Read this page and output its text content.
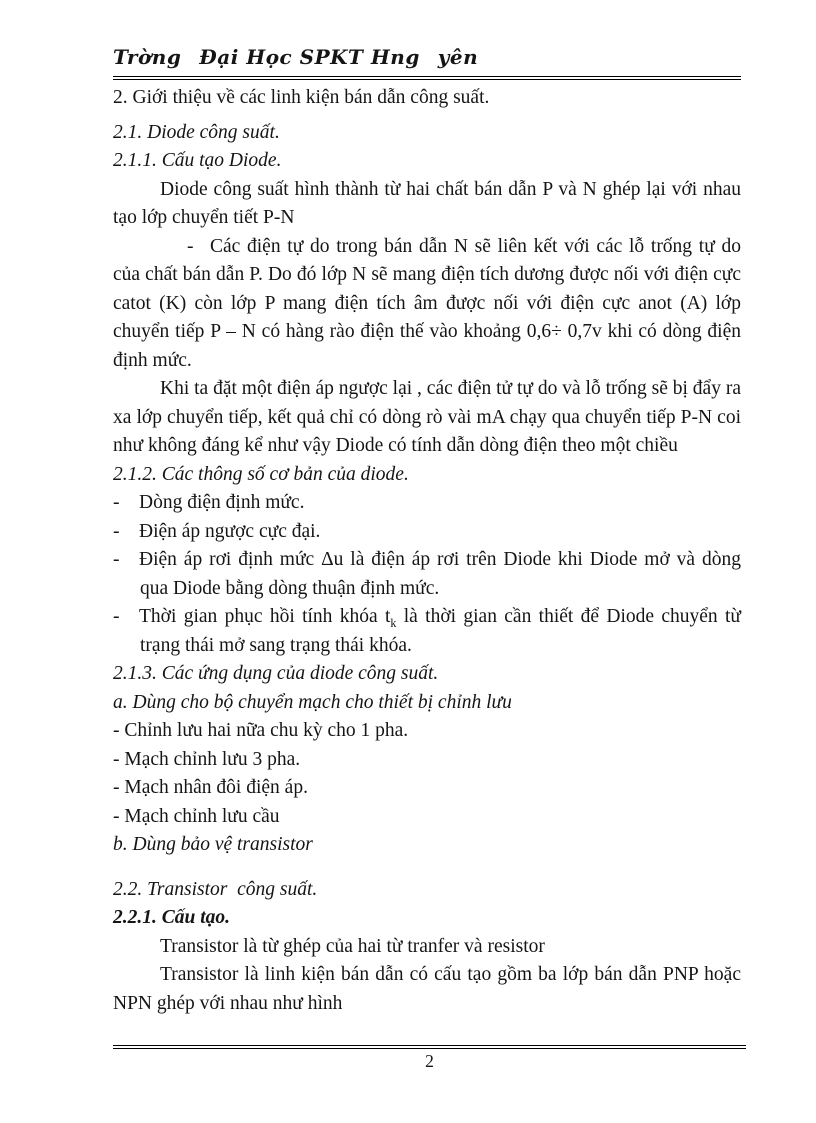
Trờng  Đại Học SPKT Hng  yên
2. Giới thiệu về các linh kiện bán dẫn công suất.
2.1. Diode công suất.
2.1.1. Cấu tạo Diode.
Diode công suất hình thành từ hai chất bán dẫn P và N ghép lại với nhau tạo lớp chuyển tiết P-N
-  Các điện tự do trong bán dẫn N sẽ liên kết với các lỗ trống tự do của chất bán dẫn P. Do đó lớp N sẽ mang điện tích dương được nối với điện cực catot (K) còn lớp P mang điện tích âm được nối với điện cực anot (A) lớp chuyển tiếp P – N có hàng rào điện thế vào khoảng 0,6÷ 0,7v khi có dòng điện định mức.
Khi ta đặt một điện áp ngược lại , các điện tử tự do và lỗ trống sẽ bị đẩy ra xa lớp chuyển tiếp, kết quả chỉ có dòng rò vài mA chạy qua chuyển tiếp P-N coi như không đáng kể như vậy Diode có tính dẫn dòng điện theo một chiều
2.1.2. Các thông số cơ bản của diode.
-  Dòng điện định mức.
-  Điện áp ngược cực đại.
-  Điện áp rơi định mức Δu là điện áp rơi trên Diode khi Diode mở và dòng qua Diode bằng dòng thuận định mức.
-  Thời gian phục hồi tính khóa $t_k$ là thời gian cần thiết để Diode chuyển từ trạng thái mở sang trạng thái khóa.
2.1.3. Các ứng dụng của diode công suất.
a. Dùng cho bộ chuyển mạch cho thiết bị chỉnh lưu
- Chỉnh lưu hai nữa chu kỳ cho 1 pha.
- Mạch chỉnh lưu 3 pha.
- Mạch nhân đôi điện áp.
- Mạch chỉnh lưu cầu
b. Dùng bảo vệ transistor
2.2. Transistor công suất.
2.2.1. Cấu tạo.
Transistor là từ ghép của hai từ tranfer và resistor
Transistor là linh kiện bán dẫn có cấu tạo gồm ba lớp bán dẫn PNP hoặc NPN ghép với nhau như hình
2
